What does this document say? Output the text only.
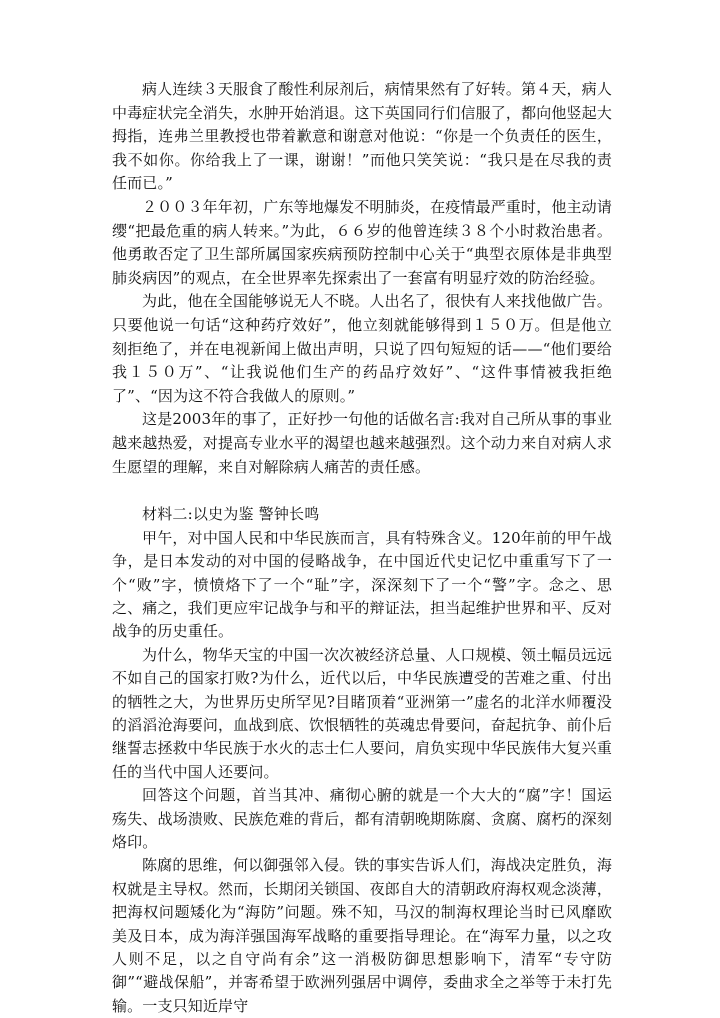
病人连续３天服食了酸性利尿剂后，病情果然有了好转。第４天，病人中毒症状完全消失，水肿开始消退。这下英国同行们信服了，都向他竖起大拇指，连弗兰里教授也带着歉意和谢意对他说：“你是一个负责任的医生，我不如你。你给我上了一课，谢谢！”而他只笑笑说：“我只是在尽我的责任而已。”

２００３年年初，广东等地爆发不明肺炎，在疫情最严重时，他主动请缨“把最危重的病人转来。”为此，６６岁的他曾连续３８个小时救治患者。他勇敢否定了卫生部所属国家疾病预防控制中心关于“典型衣原体是非典型肺炎病因”的观点，在全世界率先探索出了一套富有明显疗效的防治经验。

为此，他在全国能够说无人不晓。人出名了，很快有人来找他做广告。只要他说一句话“这种药疗效好”，他立刻就能够得到１５０万。但是他立刻拒绝了，并在电视新闻上做出声明，只说了四句短短的话——“他们要给我１５０万”、“让我说他们生产的药品疗效好”、“这件事情被我拒绝了”、“因为这不符合我做人的原则。”

这是2003年的事了，正好抄一句他的话做名言:我对自己所从事的事业越来越热爱，对提高专业水平的渴望也越来越强烈。这个动力来自对病人求生愿望的理解，来自对解除病人痛苦的责任感。

材料二:以史为鉴 警钟长鸣

甲午，对中国人民和中华民族而言，具有特殊含义。120年前的甲午战争，是日本发动的对中国的侵略战争，在中国近代史记忆中重重写下了一个“败”字，愤愤烙下了一个“耻”字，深深刻下了一个“警”字。念之、思之、痛之，我们更应牢记战争与和平的辩证法，担当起维护世界和平、反对战争的历史重任。

为什么，物华天宝的中国一次次被经济总量、人口规模、领土幅员远远不如自己的国家打败?为什么，近代以后，中华民族遭受的苦难之重、付出的牺牲之大，为世界历史所罕见?目睹顶着“亚洲第一”虚名的北洋水师覆没的滔滔沧海要问，血战到底、饮恨牺牲的英魂忠骨要问，奋起抗争、前仆后继誓志拯救中华民族于水火的志士仁人要问，肩负实现中华民族伟大复兴重任的当代中国人还要问。

回答这个问题，首当其冲、痛彻心腑的就是一个大大的“腐”字！国运殇失、战场溃败、民族危难的背后，都有清朝晚期陈腐、贪腐、腐朽的深刻烙印。

陈腐的思维，何以御强邻入侵。铁的事实告诉人们，海战决定胜负，海权就是主导权。然而，长期闭关锁国、夜郎自大的清朝政府海权观念淡薄，把海权问题矮化为“海防”问题。殊不知，马汉的制海权理论当时已风靡欧美及日本，成为海洋强国海军战略的重要指导理论。在“海军力量，以之攻人则不足，以之自守尚有余”这一消极防御思想影响下，清军“专守防御”“避战保船”，并寄希望于欧洲列强居中调停，委曲求全之举等于未打先输。一支只知近岸守
